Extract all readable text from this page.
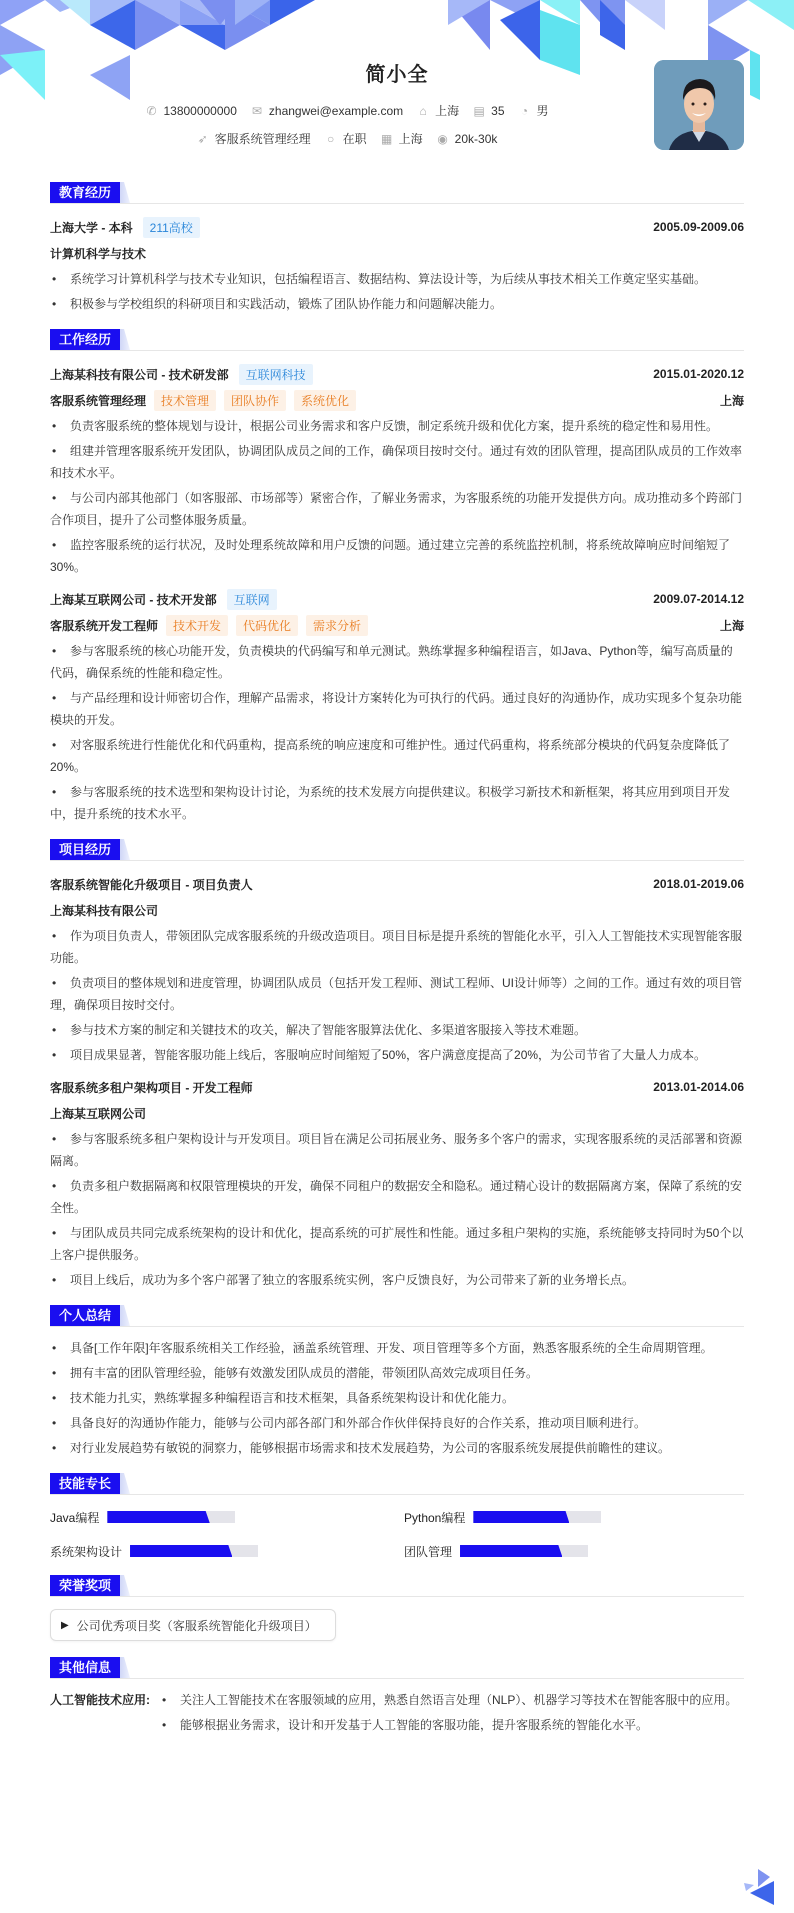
简小全
✆ 13800000000 ✉ zhangwei@example.com ⌂ 上海 ▤ 35 ◔ 男
➶ 客服系统管理经理 ○ 在职 ▦ 上海 ◉ 20k-30k
教育经历
上海大学 - 本科	211高校	2005.09-2009.06
计算机科学与技术
• 系统学习计算机科学与技术专业知识，包括编程语言、数据结构、算法设计等，为后续从事技术相关工作奠定坚实基础。
• 积极参与学校组织的科研项目和实践活动，锻炼了团队协作能力和问题解决能力。
工作经历
上海某科技有限公司 - 技术研发部	互联网科技	2015.01-2020.12
客服系统管理经理	技术管理	团队协作	系统优化	上海
• 负责客服系统的整体规划与设计，根据公司业务需求和客户反馈，制定系统升级和优化方案，提升系统的稳定性和易用性。
• 组建并管理客服系统开发团队，协调团队成员之间的工作，确保项目按时交付。通过有效的团队管理，提高团队成员的工作效率和技术水平。
• 与公司内部其他部门（如客服部、市场部等）紧密合作，了解业务需求，为客服系统的功能开发提供方向。成功推动多个跨部门合作项目，提升了公司整体服务质量。
• 监控客服系统的运行状况，及时处理系统故障和用户反馈的问题。通过建立完善的系统监控机制，将系统故障响应时间缩短了30%。
上海某互联网公司 - 技术开发部	互联网	2009.07-2014.12
客服系统开发工程师	技术开发	代码优化	需求分析	上海
• 参与客服系统的核心功能开发，负责模块的代码编写和单元测试。熟练掌握多种编程语言，如Java、Python等，编写高质量的代码，确保系统的性能和稳定性。
• 与产品经理和设计师密切合作，理解产品需求，将设计方案转化为可执行的代码。通过良好的沟通协作，成功实现多个复杂功能模块的开发。
• 对客服系统进行性能优化和代码重构，提高系统的响应速度和可维护性。通过代码重构，将系统部分模块的代码复杂度降低了20%。
• 参与客服系统的技术选型和架构设计讨论，为系统的技术发展方向提供建议。积极学习新技术和新框架，将其应用到项目开发中，提升系统的技术水平。
项目经历
客服系统智能化升级项目 - 项目负责人	2018.01-2019.06
上海某科技有限公司
• 作为项目负责人，带领团队完成客服系统的升级改造项目。项目目标是提升系统的智能化水平，引入人工智能技术实现智能客服功能。
• 负责项目的整体规划和进度管理，协调团队成员（包括开发工程师、测试工程师、UI设计师等）之间的工作。通过有效的项目管理，确保项目按时交付。
• 参与技术方案的制定和关键技术的攻关，解决了智能客服算法优化、多渠道客服接入等技术难题。
• 项目成果显著，智能客服功能上线后，客服响应时间缩短了50%，客户满意度提高了20%，为公司节省了大量人力成本。
客服系统多租户架构项目 - 开发工程师	2013.01-2014.06
上海某互联网公司
• 参与客服系统多租户架构设计与开发项目。项目旨在满足公司拓展业务、服务多个客户的需求，实现客服系统的灵活部署和资源隔离。
• 负责多租户数据隔离和权限管理模块的开发，确保不同租户的数据安全和隐私。通过精心设计的数据隔离方案，保障了系统的安全性。
• 与团队成员共同完成系统架构的设计和优化，提高系统的可扩展性和性能。通过多租户架构的实施，系统能够支持同时为50个以上客户提供服务。
• 项目上线后，成功为多个客户部署了独立的客服系统实例，客户反馈良好，为公司带来了新的业务增长点。
个人总结
• 具备[工作年限]年客服系统相关工作经验，涵盖系统管理、开发、项目管理等多个方面，熟悉客服系统的全生命周期管理。
• 拥有丰富的团队管理经验，能够有效激发团队成员的潜能，带领团队高效完成项目任务。
• 技术能力扎实，熟练掌握多种编程语言和技术框架，具备系统架构设计和优化能力。
• 具备良好的沟通协作能力，能够与公司内部各部门和外部合作伙伴保持良好的合作关系，推动项目顺利进行。
• 对行业发展趋势有敏锐的洞察力，能够根据市场需求和技术发展趋势，为公司的客服系统发展提供前瞻性的建议。
技能专长
Java编程	Python编程
系统架构设计	团队管理
荣誉奖项
▶ 公司优秀项目奖（客服系统智能化升级项目）
其他信息
人工智能技术应用:	• 关注人工智能技术在客服领域的应用，熟悉自然语言处理（NLP）、机器学习等技术在智能客服中的应用。
• 能够根据业务需求，设计和开发基于人工智能的客服功能，提升客服系统的智能化水平。
